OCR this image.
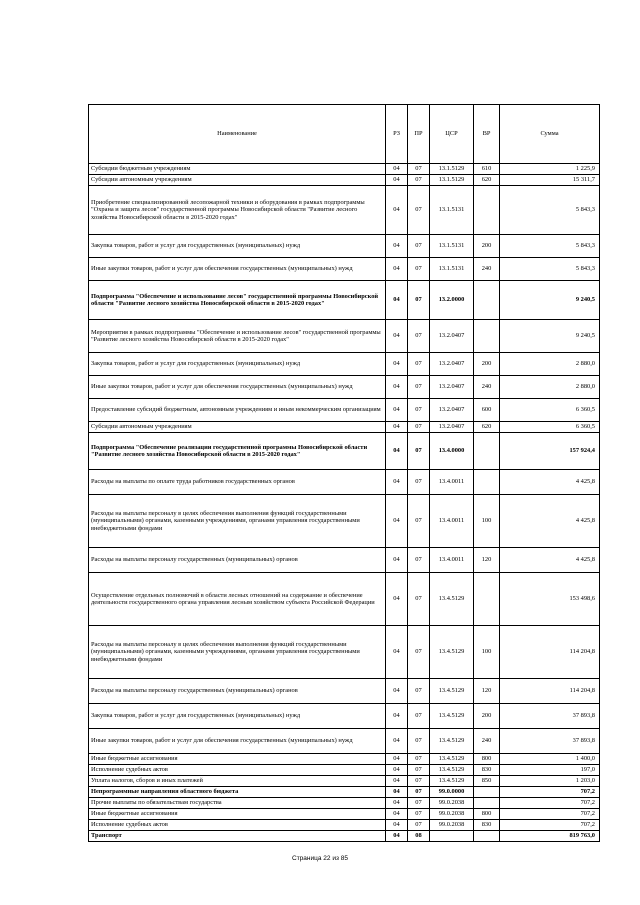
Наименование	РЗ	ПР	ЦСР	ВР	Сумма
Субсидии бюджетным учреждениям	04	07	13.1.5129	610	1 225,9
Субсидии автономным учреждениям	04	07	13.1.5129	620	15 311,7
Приобретение специализированной лесопожарной техники и оборудования в рамках подпрограммы "Охрана и защита лесов" государственной программы Новосибирской области "Развитие лесного хозяйства Новосибирской области в 2015-2020 годах"	04	07	13.1.5131		5 843,3
Закупка товаров, работ и услуг для государственных (муниципальных) нужд	04	07	13.1.5131	200	5 843,3
Иные закупки товаров, работ и услуг для обеспечения государственных (муниципальных) нужд	04	07	13.1.5131	240	5 843,3
Подпрограмма "Обеспечение и использование лесов" государственной программы Новосибирской области "Развитие лесного хозяйства Новосибирской области в 2015-2020 годах"	04	07	13.2.0000		9 240,5
Мероприятия в рамках подпрограммы "Обеспечение и использование лесов" государственной программы "Развитие лесного хозяйства Новосибирской области в 2015-2020 годах"	04	07	13.2.0407		9 240,5
Закупка товаров, работ и услуг для государственных (муниципальных) нужд	04	07	13.2.0407	200	2 880,0
Иные закупки товаров, работ и услуг для обеспечения государственных (муниципальных) нужд	04	07	13.2.0407	240	2 880,0
Предоставление субсидий бюджетным, автономным учреждениям и иным некоммерческим организациям	04	07	13.2.0407	600	6 360,5
Субсидии автономным учреждениям	04	07	13.2.0407	620	6 360,5
Подпрограмма "Обеспечение реализации государственной программы Новосибирской области "Развитие лесного хозяйства Новосибирской области в 2015-2020 годах"	04	07	13.4.0000		157 924,4
Расходы на выплаты по оплате труда работников государственных органов	04	07	13.4.0011		4 425,8
Расходы на выплаты персоналу в целях обеспечения выполнения функций государственными (муниципальными) органами, казенными учреждениями, органами управления государственными внебюджетными фондами	04	07	13.4.0011	100	4 425,8
Расходы на выплаты персоналу государственных (муниципальных) органов	04	07	13.4.0011	120	4 425,8
Осуществление отдельных полномочий в области лесных отношений на содержание и обеспечение деятельности государственного органа управления лесным хозяйством субъекта Российской Федерации	04	07	13.4.5129		153 498,6
Расходы на выплаты персоналу в целях обеспечения выполнения функций государственными (муниципальными) органами, казенными учреждениями, органами управления государственными внебюджетными фондами	04	07	13.4.5129	100	114 204,8
Расходы на выплаты персоналу государственных (муниципальных) органов	04	07	13.4.5129	120	114 204,8
Закупка товаров, работ и услуг для государственных (муниципальных) нужд	04	07	13.4.5129	200	37 893,8
Иные закупки товаров, работ и услуг для обеспечения государственных (муниципальных) нужд	04	07	13.4.5129	240	37 893,8
Иные бюджетные ассигнования	04	07	13.4.5129	800	1 400,0
Исполнение судебных актов	04	07	13.4.5129	830	197,0
Уплата налогов, сборов и иных платежей	04	07	13.4.5129	850	1 203,0
Непрограммные направления областного бюджета	04	07	99.0.0000		707,2
Прочие выплаты по обязательствам государства	04	07	99.0.2038		707,2
Иные бюджетные ассигнования	04	07	99.0.2038	800	707,2
Исполнение судебных актов	04	07	99.0.2038	830	707,2
Транспорт	04	08			819 763,0
Страница 22 из 85
